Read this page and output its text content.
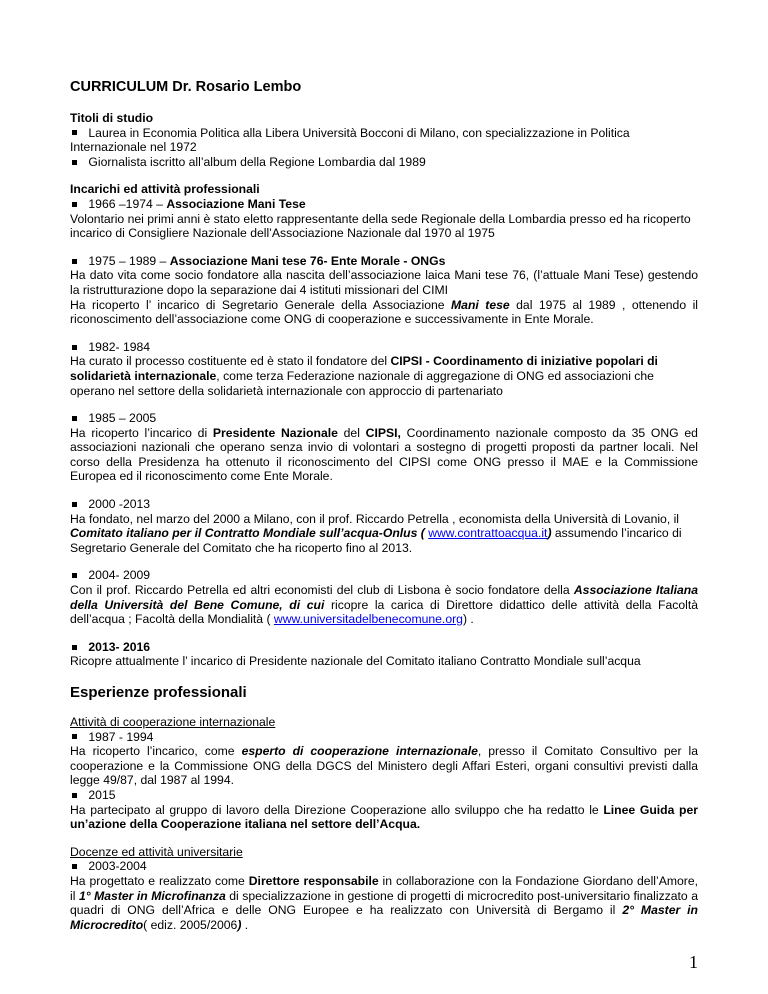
CURRICULUM Dr. Rosario Lembo

Titoli di studio

Laurea in Economia Politica alla Libera Università Bocconi di Milano, con specializzazione in Politica

Internazionale nel 1972

Giornalista iscritto all’album della Regione Lombardia dal 1989

Incarichi ed attività professionali

1966 –1974 – Associazione Mani Tese

Volontario nei primi anni è stato eletto rappresentante della sede Regionale della Lombardia presso ed ha ricoperto incarico di Consigliere Nazionale dell’Associazione Nazionale dal 1970 al 1975

1975 – 1989 – Associazione Mani tese 76- Ente Morale - ONGs

Ha dato vita come socio fondatore alla nascita dell’associazione laica Mani tese 76, (l’attuale Mani Tese) gestendo la ristrutturazione dopo la separazione dai 4 istituti missionari del CIMI

Ha ricoperto l’ incarico di Segretario Generale della Associazione Mani tese dal 1975 al 1989 , ottenendo il riconoscimento dell’associazione come ONG di cooperazione e successivamente in Ente Morale.

1982- 1984

Ha curato il processo costituente ed è stato il fondatore del CIPSI - Coordinamento di iniziative popolari di solidarietà internazionale, come terza Federazione nazionale di aggregazione di ONG ed associazioni che operano nel settore della solidarietà internazionale con approccio di partenariato

1985 – 2005

Ha ricoperto l’incarico di Presidente Nazionale del CIPSI, Coordinamento nazionale composto da 35 ONG ed associazioni nazionali che operano senza invio di volontari a sostegno di progetti proposti da partner locali. Nel corso della Presidenza ha ottenuto il riconoscimento del CIPSI come ONG presso il MAE e la Commissione Europea ed il riconoscimento come Ente Morale.

2000 -2013

Ha fondato, nel marzo del 2000 a Milano, con il prof. Riccardo Petrella , economista della Università di Lovanio, il Comitato italiano per il Contratto Mondiale sull’acqua-Onlus ( www.contrattoacqua.it) assumendo l’incarico di Segretario Generale del Comitato che ha ricoperto fino al 2013.

2004- 2009

Con il prof. Riccardo Petrella ed altri economisti del club di Lisbona è socio fondatore della Associazione Italiana della Università del Bene Comune, di cui ricopre la carica di Direttore didattico delle attività della Facoltà dell’acqua ; Facoltà della Mondialità ( www.universitadelbenecomune.org) .

2013- 2016

Ricopre attualmente l’ incarico di Presidente nazionale del Comitato italiano Contratto Mondiale sull’acqua

Esperienze professionali

Attività di cooperazione internazionale

1987 - 1994

Ha ricoperto l’incarico, come esperto di cooperazione internazionale, presso il Comitato Consultivo per la cooperazione e la Commissione ONG della DGCS del Ministero degli Affari Esteri, organi consultivi previsti dalla legge 49/87, dal 1987 al 1994.

2015

Ha partecipato al gruppo di lavoro della Direzione Cooperazione allo sviluppo che ha redatto le Linee Guida per un’azione della Cooperazione italiana nel settore dell’Acqua.

Docenze ed attività universitarie

2003-2004

Ha progettato e realizzato come Direttore responsabile in collaborazione con la Fondazione Giordano dell’Amore, il 1° Master in Microfinanza di specializzazione in gestione di progetti di microcredito post-universitario finalizzato a quadri di ONG dell’Africa e delle ONG Europee e ha realizzato con Università di Bergamo il 2° Master in Microcredito( ediz. 2005/2006) .

1
